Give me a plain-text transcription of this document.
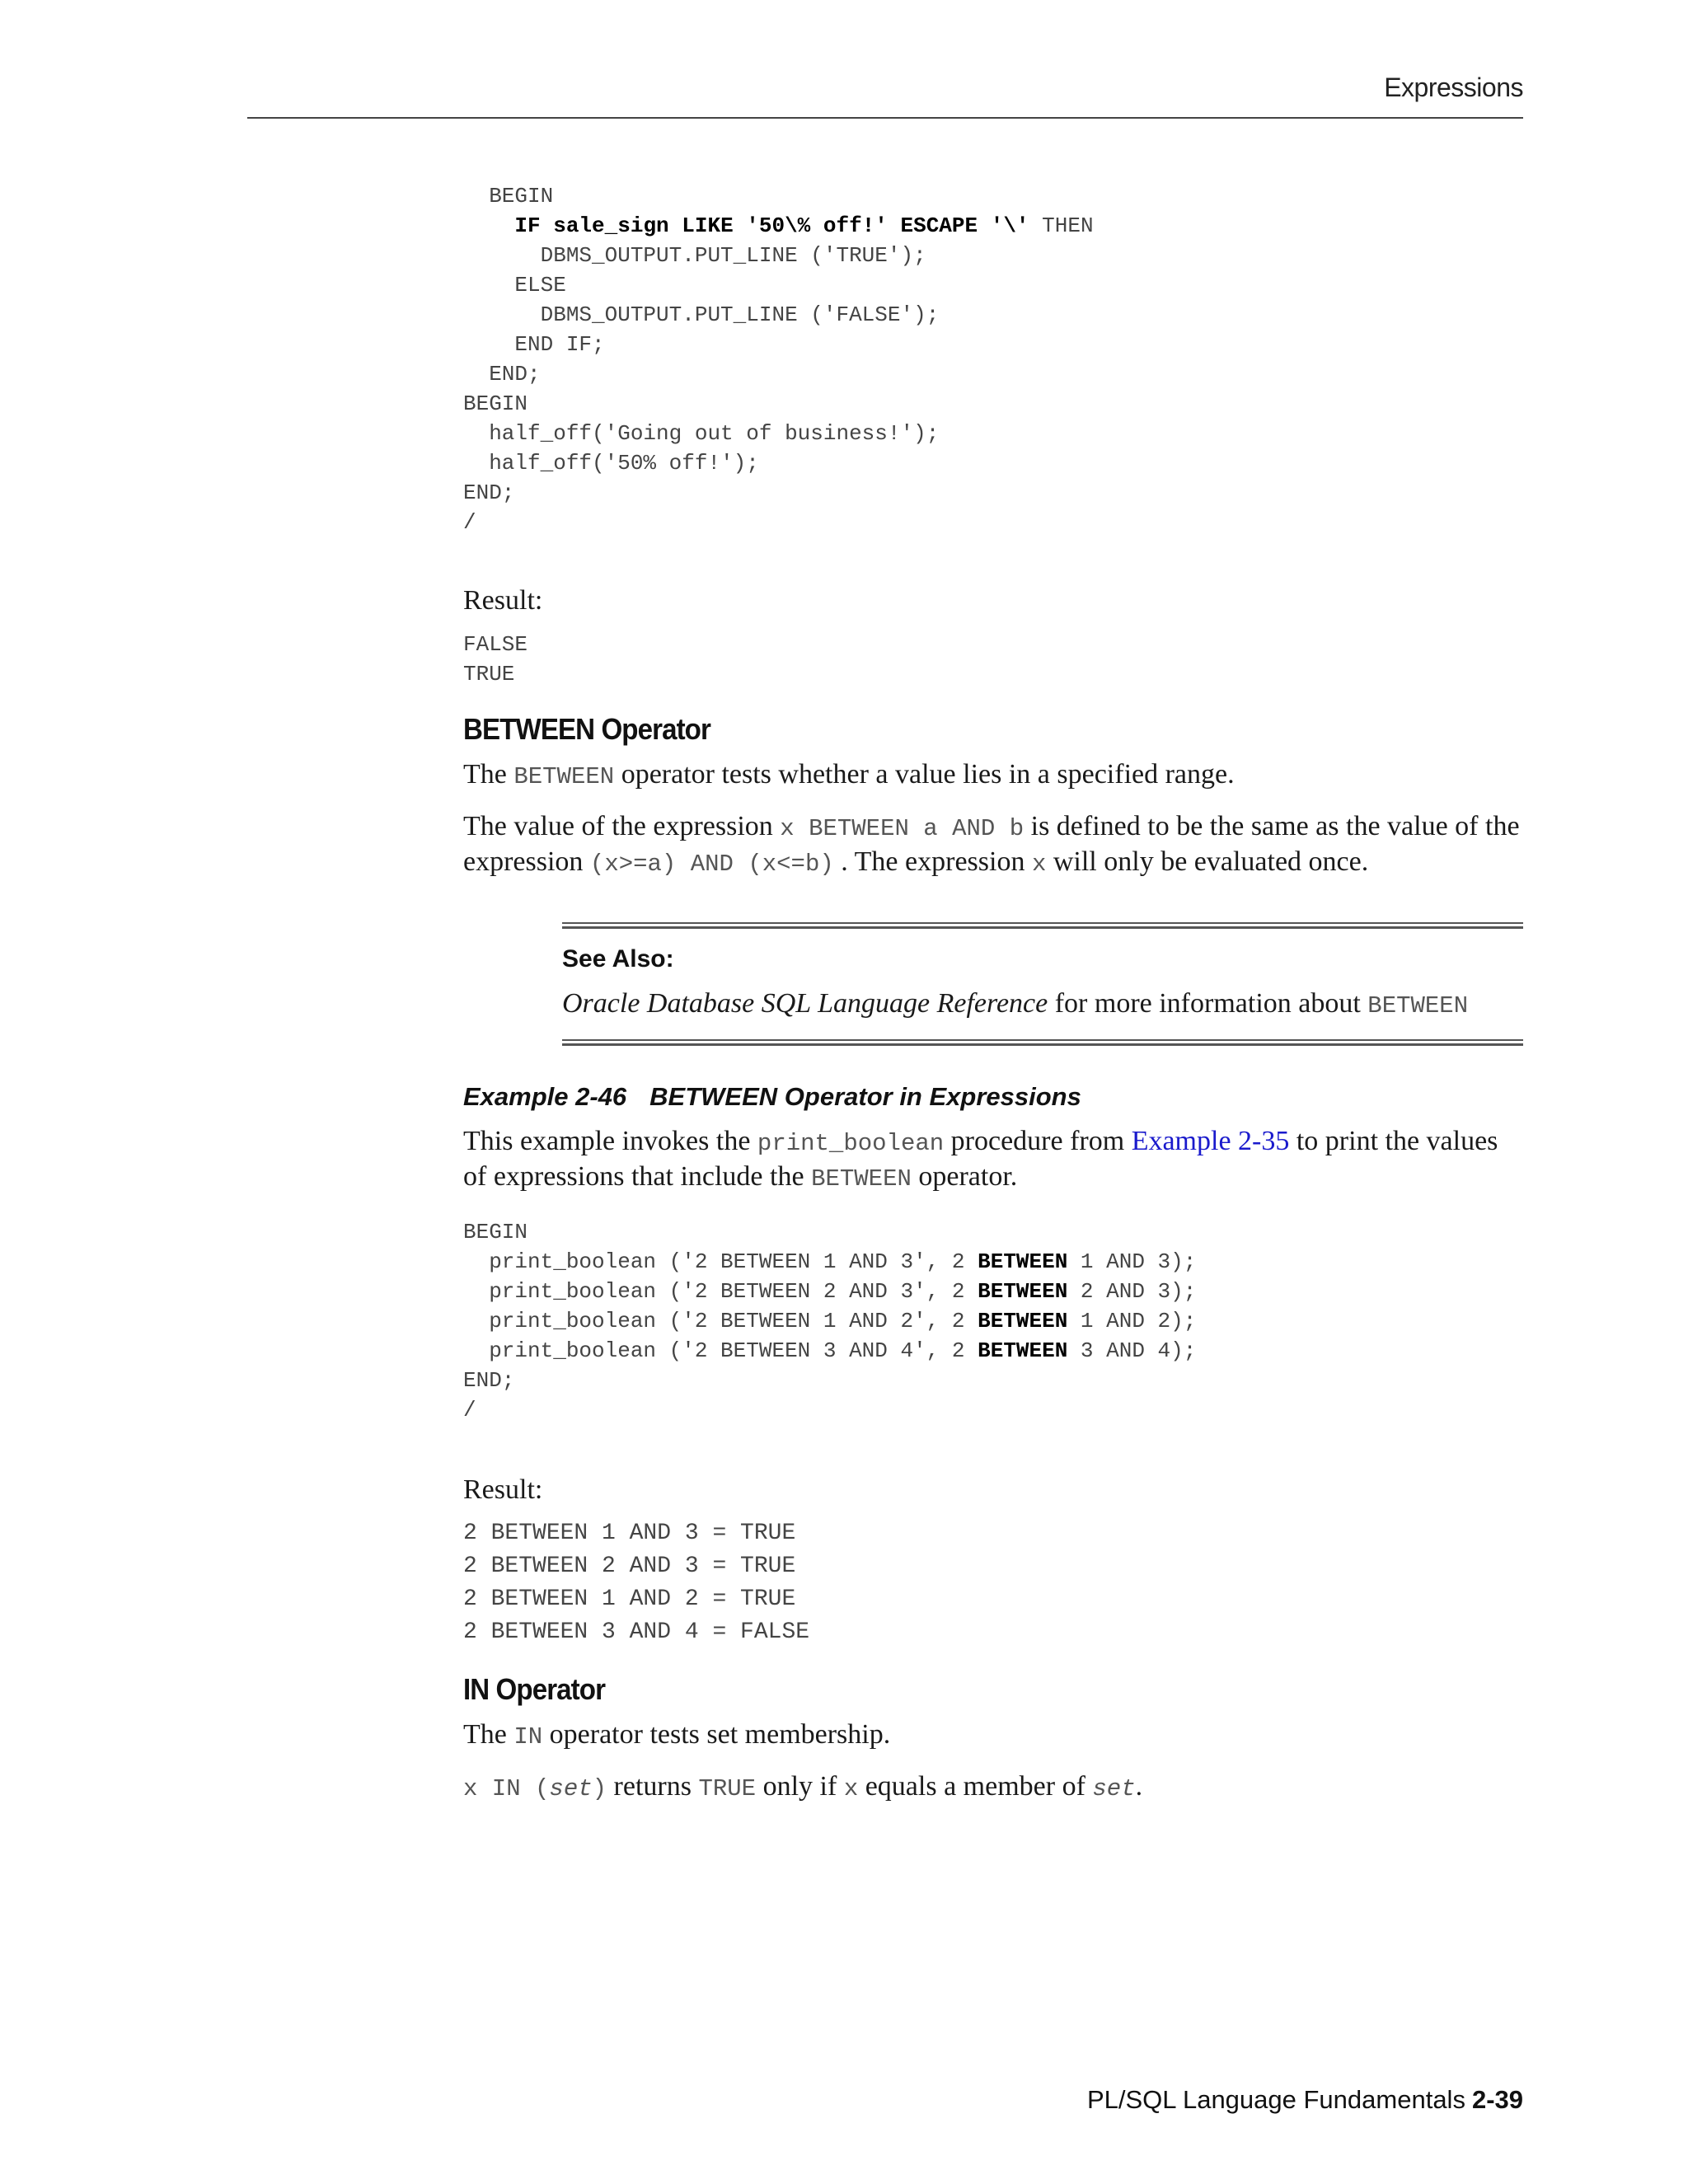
Expressions
BEGIN
IF sale_sign LIKE '50\% off!' ESCAPE '\' THEN
DBMS_OUTPUT.PUT_LINE ('TRUE');
ELSE
DBMS_OUTPUT.PUT_LINE ('FALSE');
END IF;
END;
BEGIN
half_off('Going out of business!');
half_off('50% off!');
END;
/
Result:
FALSE
TRUE
BETWEEN Operator

The BETWEEN operator tests whether a value lies in a specified range.

The value of the expression x BETWEEN a AND b is defined to be the same as the value of the expression (x>=a) AND (x<=b) . The expression x will only be evaluated once.

See Also:
Oracle Database SQL Language Reference for more information about BETWEEN
Example 2-46 BETWEEN Operator in Expressions

This example invokes the print_boolean procedure from Example 2-35 to print the values of expressions that include the BETWEEN operator.

BEGIN
print_boolean ('2 BETWEEN 1 AND 3', 2 BETWEEN 1 AND 3);
print_boolean ('2 BETWEEN 2 AND 3', 2 BETWEEN 2 AND 3);
print_boolean ('2 BETWEEN 1 AND 2', 2 BETWEEN 1 AND 2);
print_boolean ('2 BETWEEN 3 AND 4', 2 BETWEEN 3 AND 4);
END;
/
Result:
2 BETWEEN 1 AND 3 = TRUE
2 BETWEEN 2 AND 3 = TRUE
2 BETWEEN 1 AND 2 = TRUE
2 BETWEEN 3 AND 4 = FALSE
IN Operator

The IN operator tests set membership.

x IN (set) returns TRUE only if x equals a member of set.

PL/SQL Language Fundamentals 2-39
